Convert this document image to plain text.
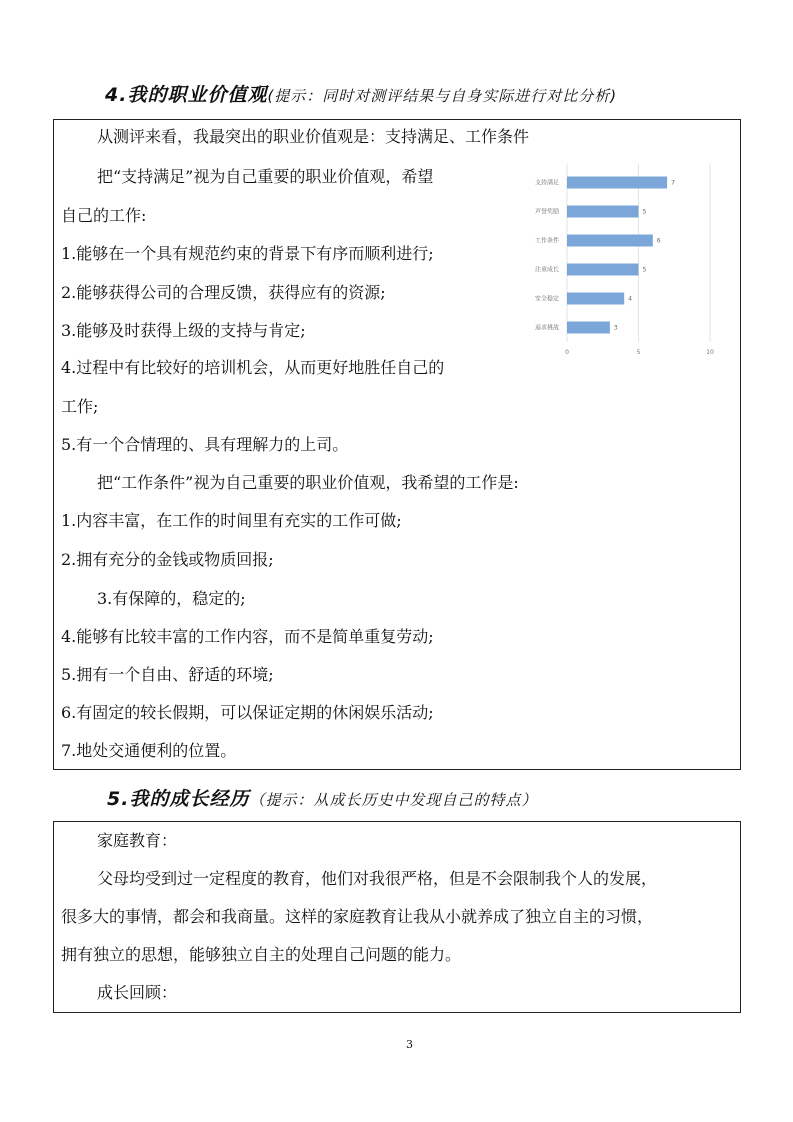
4.我的职业价值观(提示：同时对测评结果与自身实际进行对比分析)
从测评来看，我最突出的职业价值观是：支持满足、工作条件
把“支持满足”视为自己重要的职业价值观，希望
自己的工作:
1.能够在一个具有规范约束的背景下有序而顺利进行;
2.能够获得公司的合理反馈，获得应有的资源;
3.能够及时获得上级的支持与肯定;
4.过程中有比较好的培训机会，从而更好地胜任自己的
工作;
5.有一个合情理的、具有理解力的上司。
把“工作条件”视为自己重要的职业价值观，我希望的工作是:
1.内容丰富，在工作的时间里有充实的工作可做;
2.拥有充分的金钱或物质回报;
3.有保障的，稳定的;
4.能够有比较丰富的工作内容，而不是简单重复劳动;
5.拥有一个自由、舒适的环境;
6.有固定的较长假期，可以保证定期的休闲娱乐活动;
7.地处交通便利的位置。
0	5	10
支持满足	7
声誉奖励	5
工作条件	6
注重成长	5
安全稳定	4
追求挑战	3
5.我的成长经历（提示：从成长历史中发现自己的特点）
家庭教育：
父母均受到过一定程度的教育，他们对我很严格，但是不会限制我个人的发展，
很多大的事情，都会和我商量。这样的家庭教育让我从小就养成了独立自主的习惯，
拥有独立的思想，能够独立自主的处理自己问题的能力。
成长回顾：
3
